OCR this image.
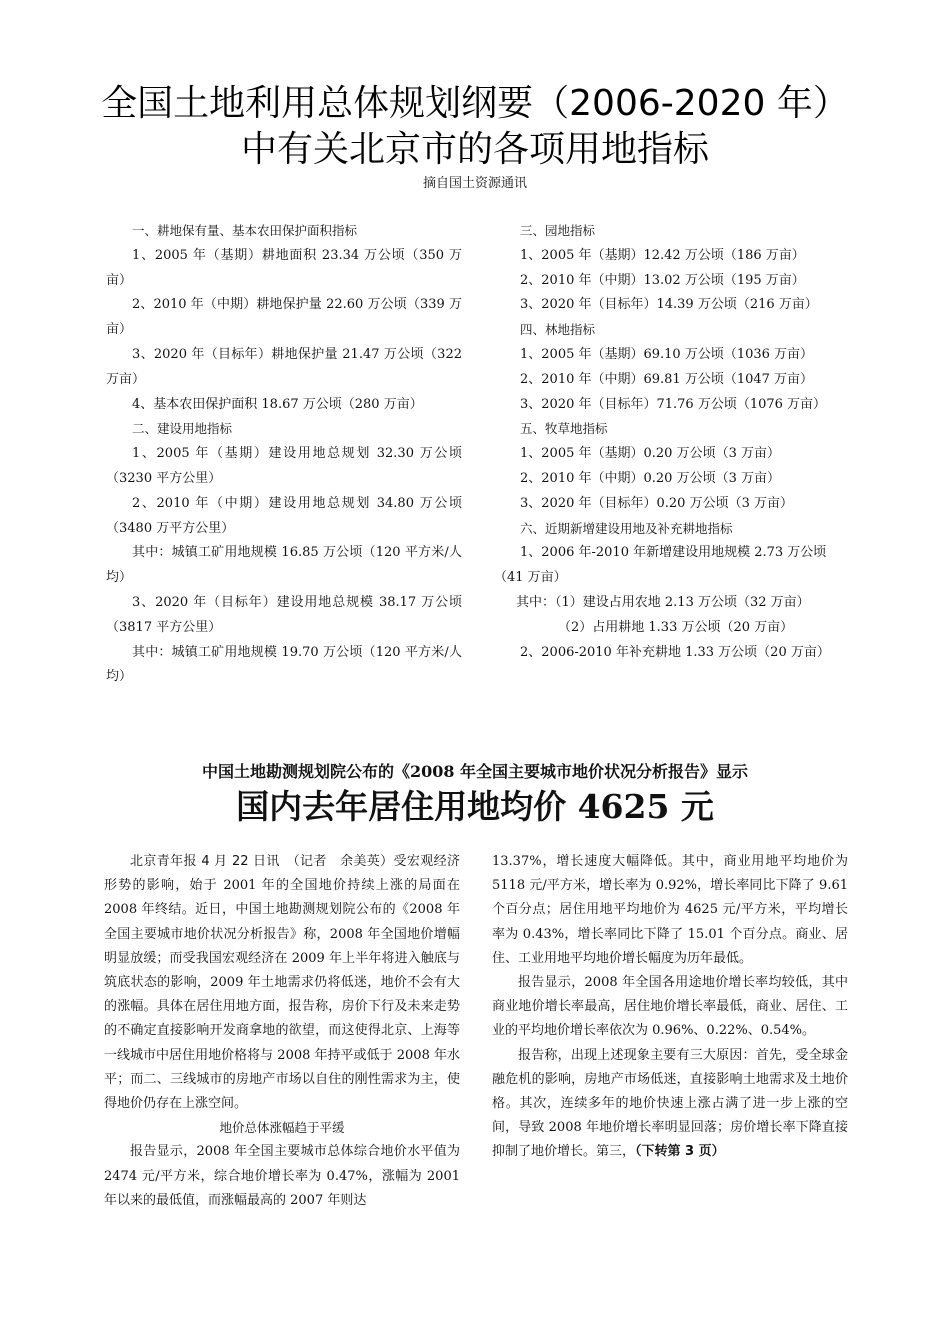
全国土地利用总体规划纲要（2006-2020 年）
中有关北京市的各项用地指标
摘自国土资源通讯

一、耕地保有量、基本农田保护面积指标

1、2005 年（基期）耕地面积 23.34 万公顷（350 万亩）

2、2010 年（中期）耕地保护量 22.60 万公顷（339 万亩）

3、2020 年（目标年）耕地保护量 21.47 万公顷（322 万亩）

4、基本农田保护面积 18.67 万公顷（280 万亩）

二、建设用地指标

1、2005 年（基期）建设用地总规划 32.30 万公顷（3230 平方公里）

2、2010 年（中期）建设用地总规划 34.80 万公顷（3480 万平方公里）

其中：城镇工矿用地规模 16.85 万公顷（120 平方米/人均）

3、2020 年（目标年）建设用地总规模 38.17 万公顷（3817 平方公里）

其中：城镇工矿用地规模 19.70 万公顷（120 平方米/人均）

三、园地指标

1、2005 年（基期）12.42 万公顷（186 万亩）

2、2010 年（中期）13.02 万公顷（195 万亩）

3、2020 年（目标年）14.39 万公顷（216 万亩）

四、林地指标

1、2005 年（基期）69.10 万公顷（1036 万亩）

2、2010 年（中期）69.81 万公顷（1047 万亩）

3、2020 年（目标年）71.76 万公顷（1076 万亩）

五、牧草地指标

1、2005 年（基期）0.20 万公顷（3 万亩）

2、2010 年（中期）0.20 万公顷（3 万亩）

3、2020 年（目标年）0.20 万公顷（3 万亩）

六、近期新增建设用地及补充耕地指标

1、2006 年-2010 年新增建设用地规模 2.73 万公顷（41 万亩）

其中：（1）建设占用农地 2.13 万公顷（32 万亩）

（2）占用耕地 1.33 万公顷（20 万亩）

2、2006-2010 年补充耕地 1.33 万公顷（20 万亩）

中国土地勘测规划院公布的《2008 年全国主要城市地价状况分析报告》显示
国内去年居住用地均价 4625 元

北京青年报 4 月 22 日讯　 （记者　余美英）受宏观经济形势的影响，始于 2001 年的全国地价持续上涨的局面在 2008 年终结。近日，中国土地勘测规划院公布的《2008 年全国主要城市地价状况分析报告》称，2008 年全国地价增幅明显放缓；而受我国宏观经济在 2009 年上半年将进入触底与筑底状态的影响，2009 年土地需求仍将低迷，地价不会有大的涨幅。具体在居住用地方面，报告称，房价下行及未来走势的不确定直接影响开发商拿地的欲望，而这使得北京、上海等一线城市中居住用地价格将与 2008 年持平或低于 2008 年水平；而二、三线城市的房地产市场以自住的刚性需求为主，使得地价仍存在上涨空间。

地价总体涨幅趋于平缓

报告显示，2008 年全国主要城市总体综合地价水平值为 2474 元/平方米，综合地价增长率为 0.47%，涨幅为 2001 年以来的最低值，而涨幅最高的 2007 年则达

13.37%，增长速度大幅降低。其中，商业用地平均地价为 5118 元/平方米，增长率为 0.92%，增长率同比下降了 9.61 个百分点；居住用地平均地价为 4625 元/平方米，平均增长率为 0.43%，增长率同比下降了 15.01 个百分点。商业、居住、工业用地平均地价增长幅度为历年最低。

报告显示，2008 年全国各用途地价增长率均较低，其中商业地价增长率最高，居住地价增长率最低，商业、居住、工业的平均地价增长率依次为 0.96%、0.22%、0.54%。

报告称，出现上述现象主要有三大原因：首先，受全球金融危机的影响，房地产市场低迷，直接影响土地需求及土地价格。其次，连续多年的地价快速上涨占满了进一步上涨的空间，导致 2008 年地价增长率明显回落；房价增长率下降直接抑制了地价增长。第三，（下转第 3 页）
